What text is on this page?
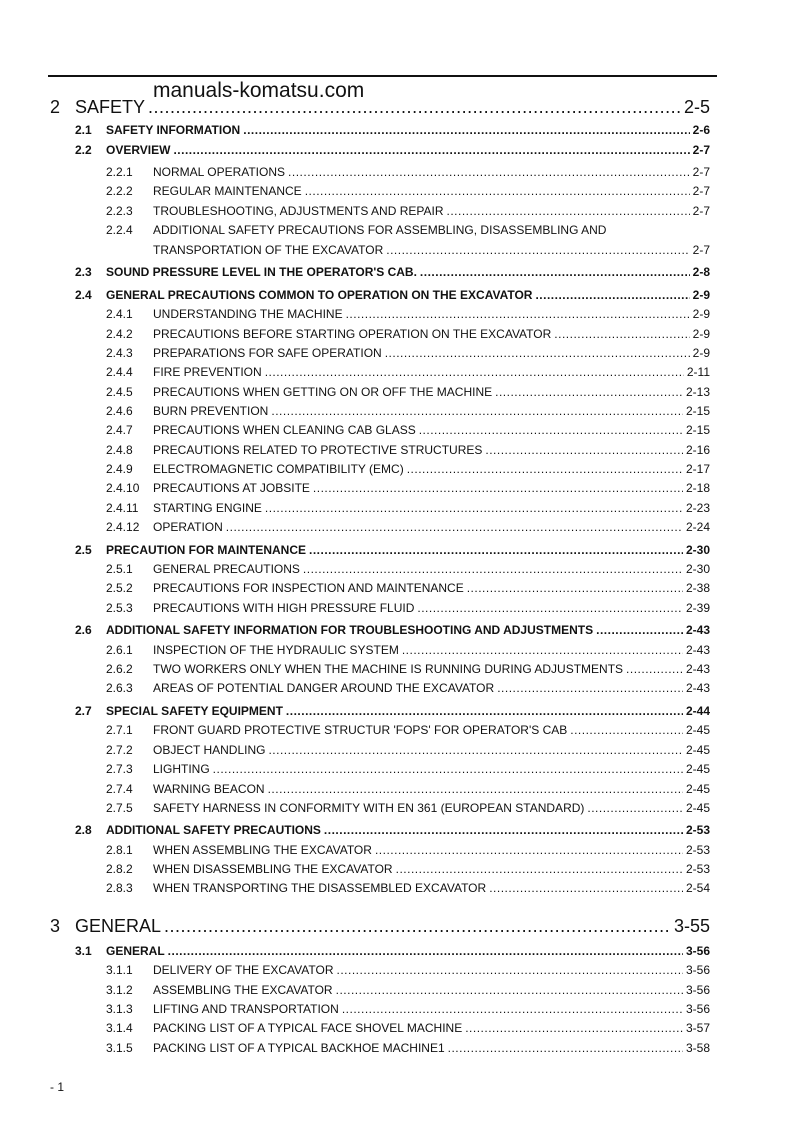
manuals-komatsu.com
2 SAFETY .....	2-5
2.1 SAFETY INFORMATION .....	2-6
2.2 OVERVIEW .....	2-7
2.2.1 NORMAL OPERATIONS .....	2-7
2.2.2 REGULAR MAINTENANCE .....	2-7
2.2.3 TROUBLESHOOTING, ADJUSTMENTS AND REPAIR .....	2-7
2.2.4 ADDITIONAL SAFETY PRECAUTIONS FOR ASSEMBLING, DISASSEMBLING AND
TRANSPORTATION OF THE EXCAVATOR .....	2-7
2.3 SOUND PRESSURE LEVEL IN THE OPERATOR'S CAB. .....	2-8
2.4 GENERAL PRECAUTIONS COMMON TO OPERATION ON THE EXCAVATOR .....	2-9
2.4.1 UNDERSTANDING THE MACHINE .....	2-9
2.4.2 PRECAUTIONS BEFORE STARTING OPERATION ON THE EXCAVATOR .....	2-9
2.4.3 PREPARATIONS FOR SAFE OPERATION .....	2-9
2.4.4 FIRE PREVENTION .....	2-11
2.4.5 PRECAUTIONS WHEN GETTING ON OR OFF THE MACHINE .....	2-13
2.4.6 BURN PREVENTION .....	2-15
2.4.7 PRECAUTIONS WHEN CLEANING CAB GLASS .....	2-15
2.4.8 PRECAUTIONS RELATED TO PROTECTIVE STRUCTURES .....	2-16
2.4.9 ELECTROMAGNETIC COMPATIBILITY (EMC) .....	2-17
2.4.10 PRECAUTIONS AT JOBSITE .....	2-18
2.4.11 STARTING ENGINE .....	2-23
2.4.12 OPERATION .....	2-24
2.5 PRECAUTION FOR MAINTENANCE .....	2-30
2.5.1 GENERAL PRECAUTIONS .....	2-30
2.5.2 PRECAUTIONS FOR INSPECTION AND MAINTENANCE .....	2-38
2.5.3 PRECAUTIONS WITH HIGH PRESSURE FLUID .....	2-39
2.6 ADDITIONAL SAFETY INFORMATION FOR TROUBLESHOOTING AND ADJUSTMENTS .....	2-43
2.6.1 INSPECTION OF THE HYDRAULIC SYSTEM .....	2-43
2.6.2 TWO WORKERS ONLY WHEN THE MACHINE IS RUNNING DURING ADJUSTMENTS .....	2-43
2.6.3 AREAS OF POTENTIAL DANGER AROUND THE EXCAVATOR .....	2-43
2.7 SPECIAL SAFETY EQUIPMENT .....	2-44
2.7.1 FRONT GUARD PROTECTIVE STRUCTUR 'FOPS' FOR OPERATOR'S CAB .....	2-45
2.7.2 OBJECT HANDLING .....	2-45
2.7.3 LIGHTING .....	2-45
2.7.4 WARNING BEACON .....	2-45
2.7.5 SAFETY HARNESS IN CONFORMITY WITH EN 361 (EUROPEAN STANDARD) .....	2-45
2.8 ADDITIONAL SAFETY PRECAUTIONS .....	2-53
2.8.1 WHEN ASSEMBLING THE EXCAVATOR .....	2-53
2.8.2 WHEN DISASSEMBLING THE EXCAVATOR .....	2-53
2.8.3 WHEN TRANSPORTING THE DISASSEMBLED EXCAVATOR .....	2-54
3 GENERAL .....	3-55
3.1 GENERAL .....	3-56
3.1.1 DELIVERY OF THE EXCAVATOR .....	3-56
3.1.2 ASSEMBLING THE EXCAVATOR .....	3-56
3.1.3 LIFTING AND TRANSPORTATION .....	3-56
3.1.4 PACKING LIST OF A TYPICAL FACE SHOVEL MACHINE .....	3-57
3.1.5 PACKING LIST OF A TYPICAL BACKHOE MACHINE1 .....	3-58
- 1
